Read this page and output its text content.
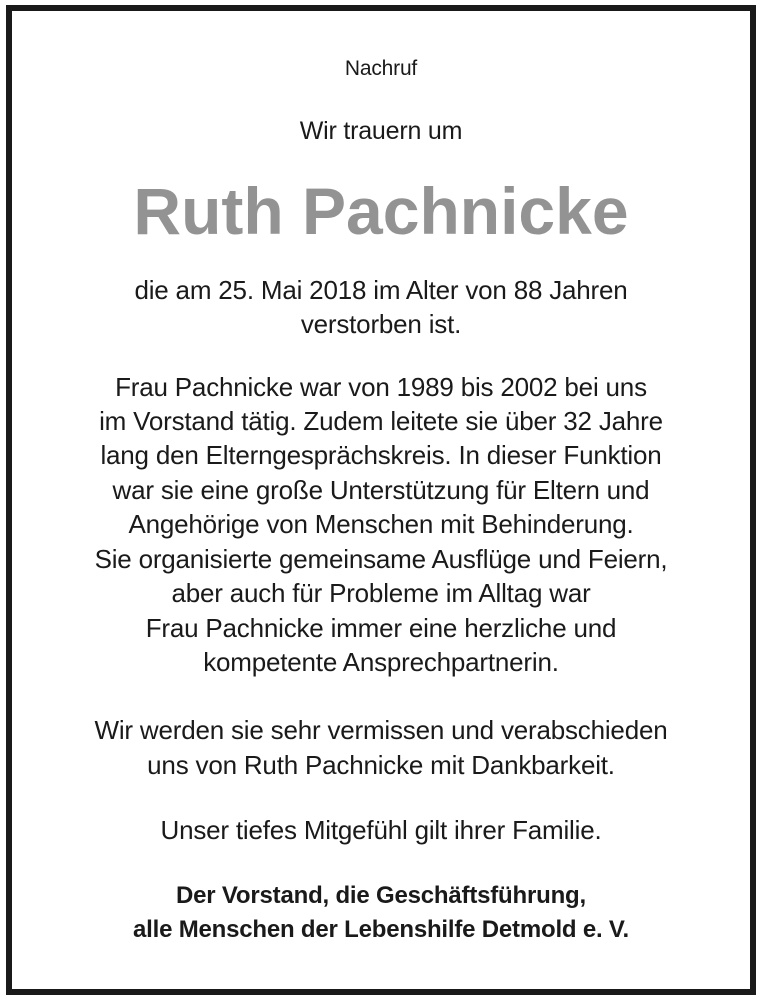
Nachruf

Wir trauern um

Ruth Pachnicke

die am 25. Mai 2018 im Alter von 88 Jahren

verstorben ist.

Frau Pachnicke war von 1989 bis 2002 bei uns

im Vorstand tätig. Zudem leitete sie über 32 Jahre

lang den Elterngesprächskreis. In dieser Funktion

war sie eine große Unterstützung für Eltern und

Angehörige von Menschen mit Behinderung.

Sie organisierte gemeinsame Ausflüge und Feiern,

aber auch für Probleme im Alltag war

Frau Pachnicke immer eine herzliche und

kompetente Ansprechpartnerin.

Wir werden sie sehr vermissen und verabschieden

uns von Ruth Pachnicke mit Dankbarkeit.

Unser tiefes Mitgefühl gilt ihrer Familie.

Der Vorstand, die Geschäftsführung,

alle Menschen der Lebenshilfe Detmold e. V.
